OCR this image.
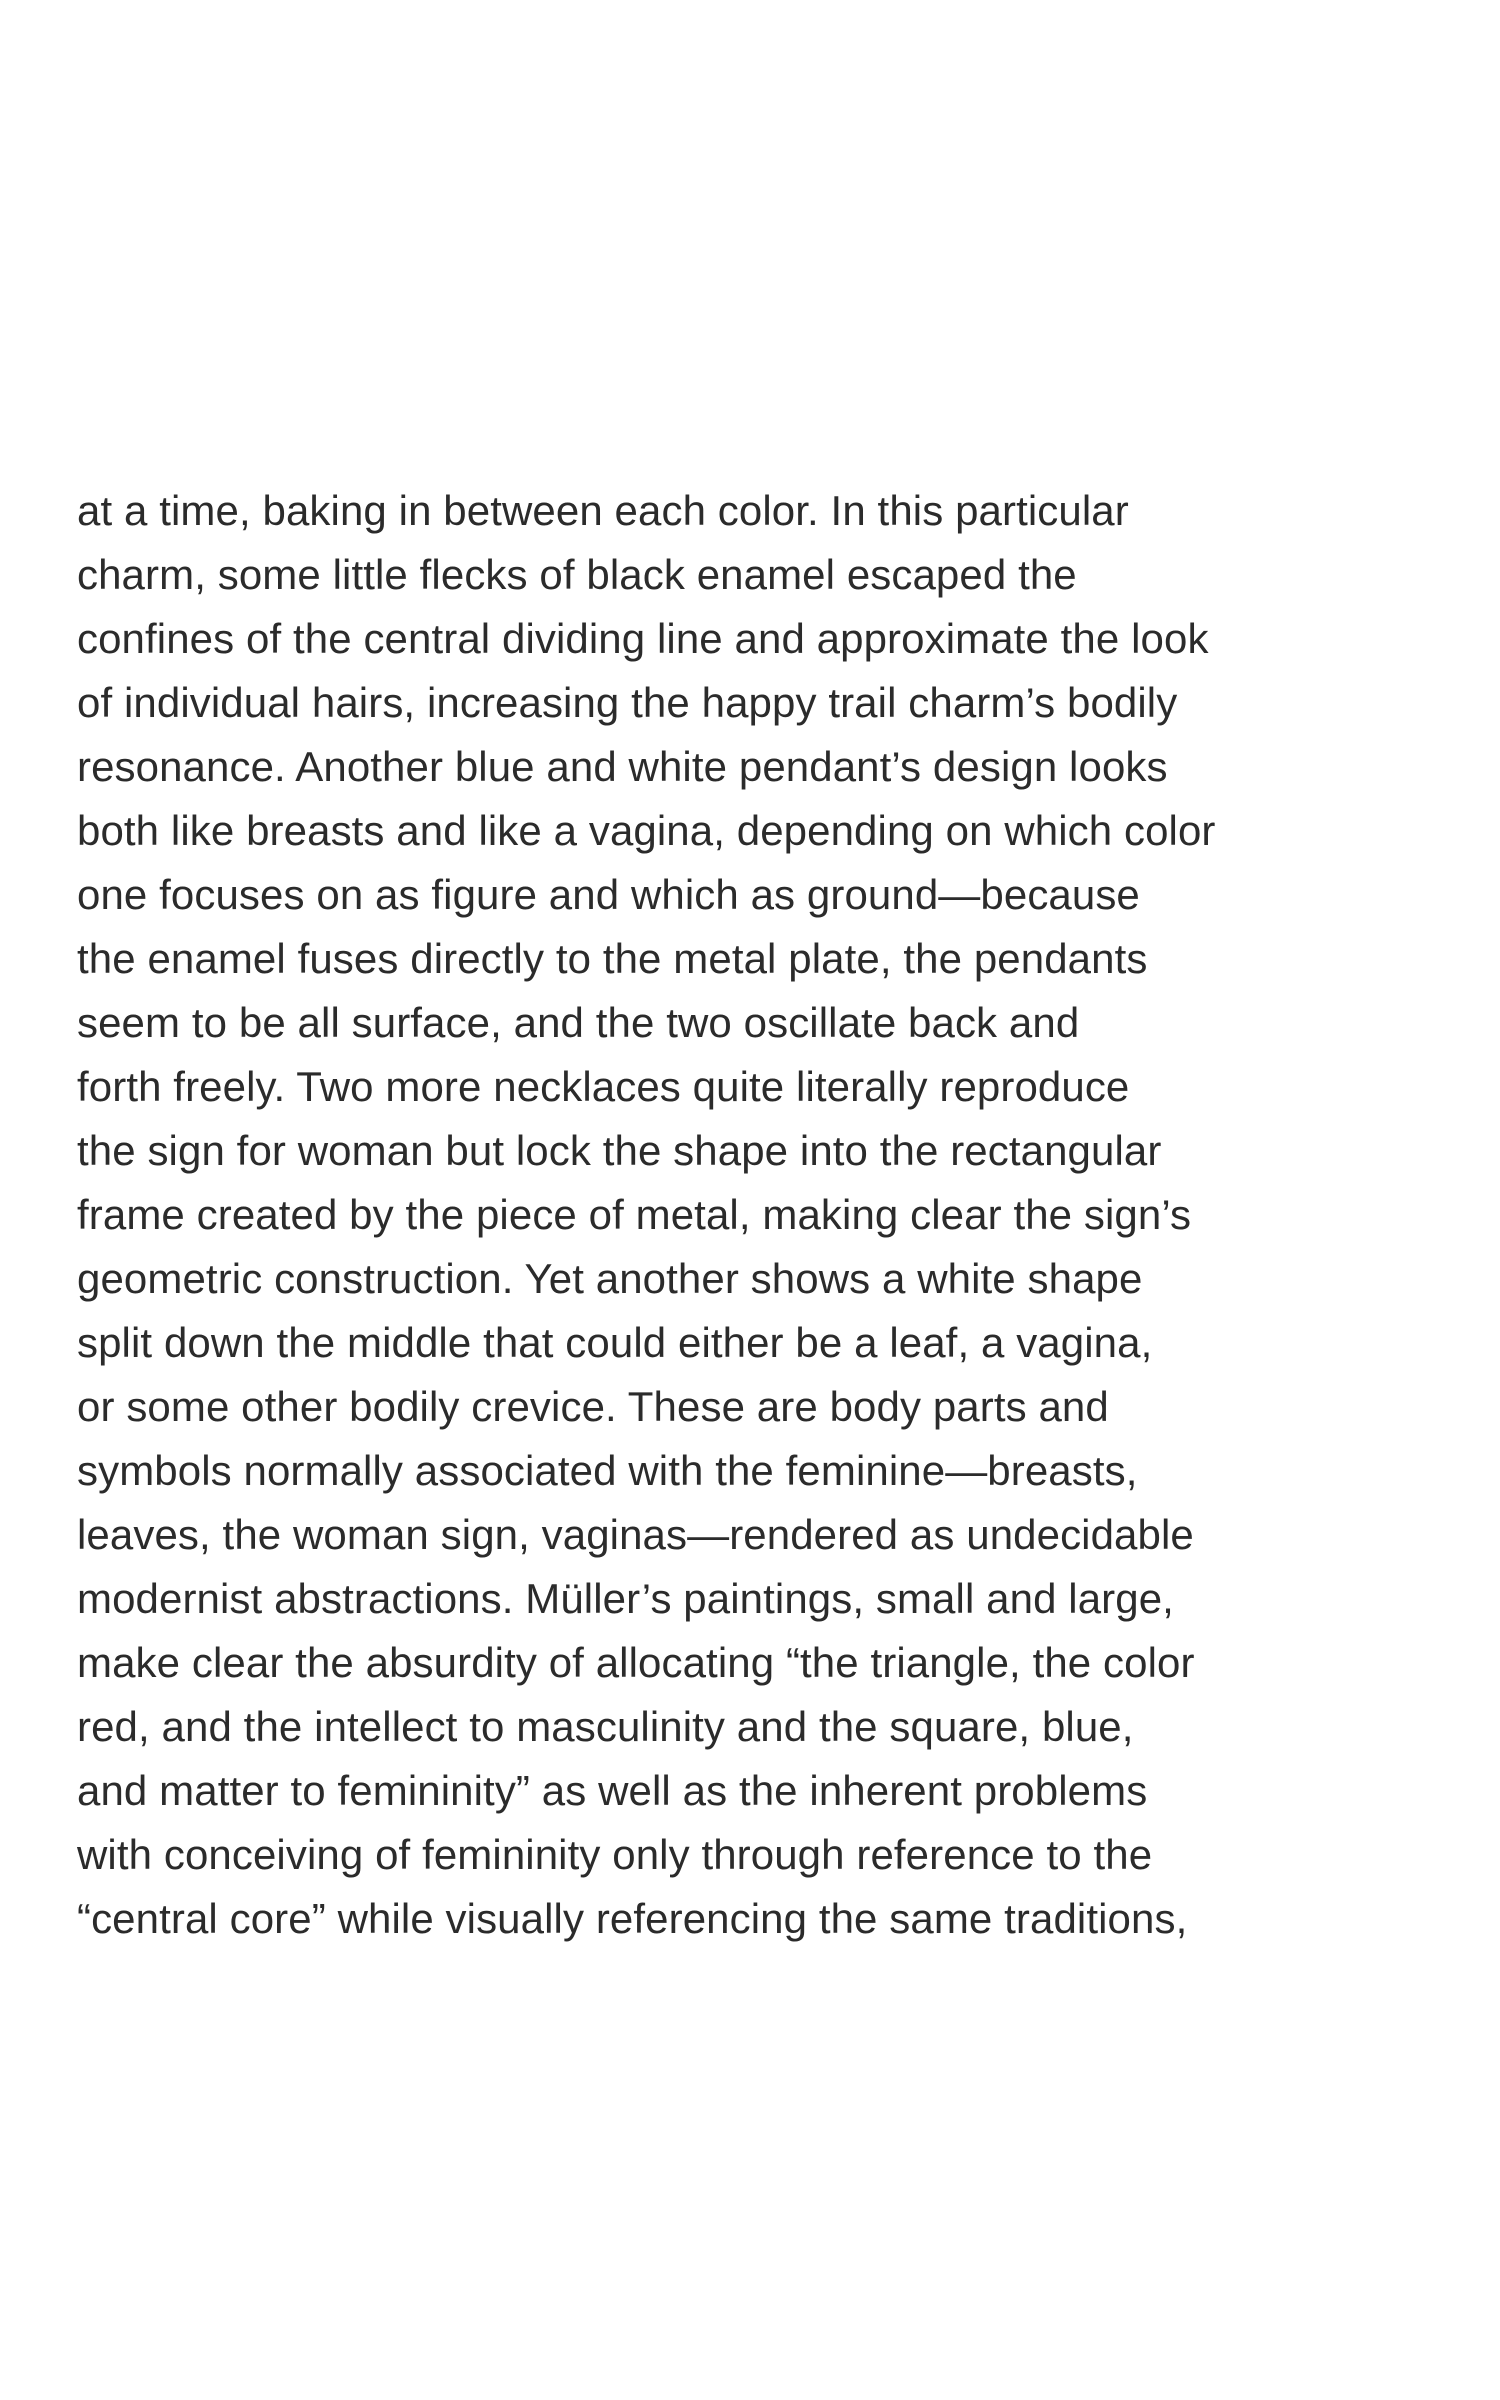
at a time, baking in between each color. In this particular
charm, some little flecks of black enamel escaped the
confines of the central dividing line and approximate the look
of individual hairs, increasing the happy trail charm’s bodily
resonance. Another blue and white pendant’s design looks
both like breasts and like a vagina, depending on which color
one focuses on as figure and which as ground—because
the enamel fuses directly to the metal plate, the pendants
seem to be all surface, and the two oscillate back and
forth freely. Two more necklaces quite literally reproduce
the sign for woman but lock the shape into the rectangular
frame created by the piece of metal, making clear the sign’s
geometric construction. Yet another shows a white shape
split down the middle that could either be a leaf, a vagina,
or some other bodily crevice. These are body parts and
symbols normally associated with the feminine—breasts,
leaves, the woman sign, vaginas—rendered as undecidable
modernist abstractions. Müller’s paintings, small and large,
make clear the absurdity of allocating “the triangle, the color
red, and the intellect to masculinity and the square, blue,
and matter to femininity” as well as the inherent problems
with conceiving of femininity only through reference to the
“central core” while visually referencing the same traditions,
